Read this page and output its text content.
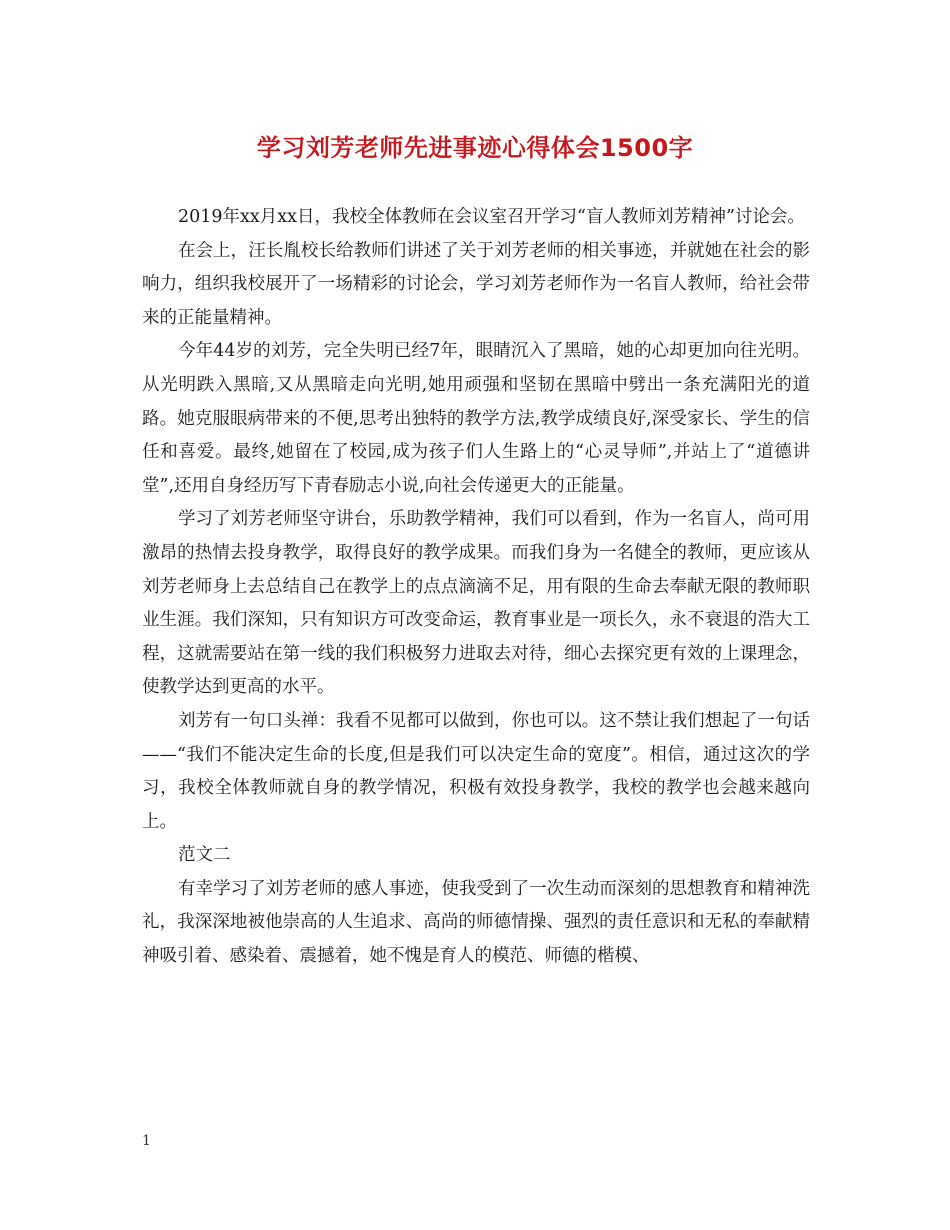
学习刘芳老师先进事迹心得体会1500字

2019年xx月xx日，我校全体教师在会议室召开学习“盲人教师刘芳精神”讨论会。

在会上，汪长胤校长给教师们讲述了关于刘芳老师的相关事迹，并就她在社会的影响力，组织我校展开了一场精彩的讨论会，学习刘芳老师作为一名盲人教师，给社会带来的正能量精神。

今年44岁的刘芳，完全失明已经7年，眼睛沉入了黑暗，她的心却更加向往光明。从光明跌入黑暗,又从黑暗走向光明,她用顽强和坚韧在黑暗中劈出一条充满阳光的道路。她克服眼病带来的不便,思考出独特的教学方法,教学成绩良好,深受家长、学生的信任和喜爱。最终,她留在了校园,成为孩子们人生路上的“心灵导师”,并站上了“道德讲堂”,还用自身经历写下青春励志小说,向社会传递更大的正能量。

学习了刘芳老师坚守讲台，乐助教学精神，我们可以看到，作为一名盲人，尚可用激昂的热情去投身教学，取得良好的教学成果。而我们身为一名健全的教师，更应该从刘芳老师身上去总结自己在教学上的点点滴滴不足，用有限的生命去奉献无限的教师职业生涯。我们深知，只有知识方可改变命运，教育事业是一项长久，永不衰退的浩大工程，这就需要站在第一线的我们积极努力进取去对待，细心去探究更有效的上课理念，使教学达到更高的水平。

刘芳有一句口头禅：我看不见都可以做到，你也可以。这不禁让我们想起了一句话——“我们不能决定生命的长度,但是我们可以决定生命的宽度”。相信，通过这次的学习，我校全体教师就自身的教学情况，积极有效投身教学，我校的教学也会越来越向上。

范文二

有幸学习了刘芳老师的感人事迹，使我受到了一次生动而深刻的思想教育和精神洗礼，我深深地被他崇高的人生追求、高尚的师德情操、强烈的责任意识和无私的奉献精神吸引着、感染着、震撼着，她不愧是育人的模范、师德的楷模、

1
